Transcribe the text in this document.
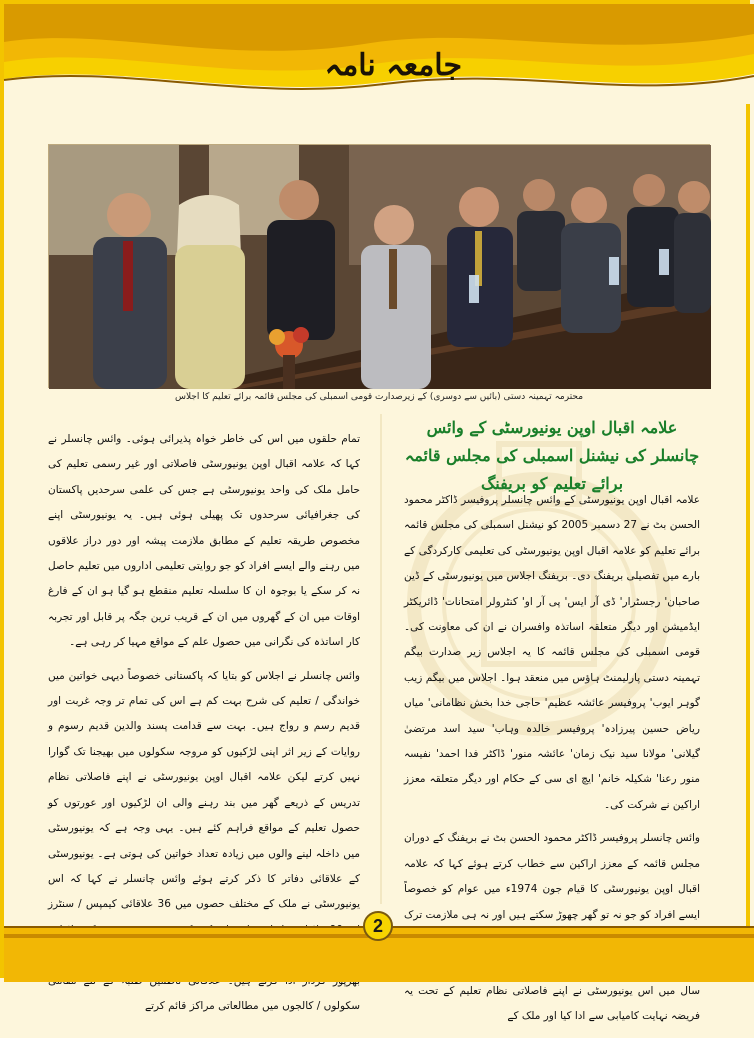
جامعہ نامہ
محترمہ تہمینہ دستی (بائیں سے دوسری) کے زیرصدارت قومی اسمبلی کی مجلس قائمہ برائے تعلیم کا اجلاس
علامہ اقبال اوپن یونیورسٹی کے وائس چانسلر کی نیشنل اسمبلی کی مجلس قائمہ برائے تعلیم کو بریفنگ

علامہ اقبال اوپن یونیورسٹی کے وائس چانسلر پروفیسر ڈاکٹر محمود الحسن بٹ نے 27 دسمبر 2005 کو نیشنل اسمبلی کی مجلس قائمہ برائے تعلیم کو علامہ اقبال اوپن یونیورسٹی کی تعلیمی کارکردگی کے بارے میں تفصیلی بریفنگ دی۔ بریفنگ اجلاس میں یونیورسٹی کے ڈین صاحبان' رجسٹرار' ڈی آر ایس' پی آر او' کنٹرولر امتحانات' ڈائریکٹر ایڈمیشن اور دیگر متعلقہ اساتذہ وافسران نے ان کی معاونت کی۔ قومی اسمبلی کی مجلس قائمہ کا یہ اجلاس زیر صدارت بیگم تہمینہ دستی پارلیمنٹ ہاؤس میں منعقد ہوا۔ اجلاس میں بیگم زیب گوہر ایوب' پروفیسر عائشہ عظیم' حاجی خدا بخش نظامانی' میاں ریاض حسین پیرزادہ' پروفیسر خالدہ وہاب' سید اسد مرتضیٰ گیلانی' مولانا سید نیک زمان' عائشہ منور' ڈاکٹر فدا احمد' نفیسہ منور رعنا' شکیلہ خانم' ایچ ای سی کے حکام اور دیگر متعلقہ معزز اراکین نے شرکت کی۔

وائس چانسلر پروفیسر ڈاکٹر محمود الحسن بٹ نے بریفنگ کے دوران مجلس قائمہ کے معزز اراکین سے خطاب کرتے ہوئے کہا کہ علامہ اقبال اوپن یونیورسٹی کا قیام جون 1974ء میں عوام کو خصوصاً ایسے افراد کو جو نہ تو گھر چھوڑ سکتے ہیں اور نہ ہی ملازمت ترک سال میں اس یونیورسٹی نے اپنے فاصلاتی نظام تعلیم کے تحت یہ فریضہ نہایت کامیابی سے ادا کیا اور ملک کے

تمام حلقوں میں اس کی خاطر خواہ پذیرائی ہوئی۔ وائس چانسلر نے کہا کہ علامہ اقبال اوپن یونیورسٹی فاصلاتی اور غیر رسمی تعلیم کی حامل ملک کی واحد یونیورسٹی ہے جس کی علمی سرحدیں پاکستان کی جغرافیائی سرحدوں تک پھیلی ہوئی ہیں۔ یہ یونیورسٹی اپنے مخصوص طریقہ تعلیم کے مطابق ملازمت پیشہ اور دور دراز علاقوں میں رہنے والے ایسے افراد کو جو روایتی تعلیمی اداروں میں تعلیم حاصل نہ کر سکے یا بوجوہ ان کا سلسلہ تعلیم منقطع ہو گیا ہو ان کے فارغ اوقات میں ان کے گھروں میں ان کے قریب ترین جگہ پر قابل اور تجربہ کار اساتذہ کی نگرانی میں حصول علم کے مواقع مہیا کر رہی ہے۔

وائس چانسلر نے اجلاس کو بتایا کہ پاکستانی خصوصاً دیہی خواتین میں خواندگی / تعلیم کی شرح بہت کم ہے اس کی تمام تر وجہ غربت اور قدیم رسم و رواج ہیں۔ بہت سے قدامت پسند والدین قدیم رسوم و روایات کے زیر اثر اپنی لڑکیوں کو مروجہ سکولوں میں بھیجنا تک گوارا نہیں کرتے لیکن علامہ اقبال اوپن یونیورسٹی نے اپنے فاصلاتی نظام تدریس کے ذریعے گھر میں بند رہنے والی ان لڑکیوں اور عورتوں کو حصول تعلیم کے مواقع فراہم کئے ہیں۔ یہی وجہ ہے کہ یونیورسٹی میں داخلہ لینے والوں میں زیادہ تعداد خواتین کی ہوتی ہے۔ یونیورسٹی کے علاقائی دفاتر کا ذکر کرتے ہوئے وائس چانسلر نے کہا کہ اس یونیورسٹی نے ملک کے مختلف حصوں میں 36 علاقائی کیمپس / سنٹرز سکولوں / کالجوں میں مطالعاتی مراکز قائم کرتے

2
